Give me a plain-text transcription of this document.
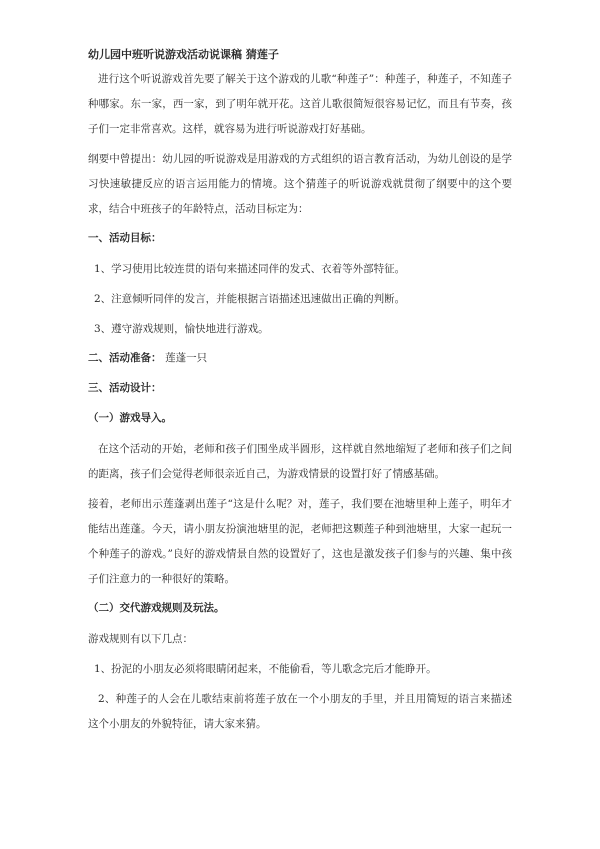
幼儿园中班听说游戏活动说课稿 猜莲子

进行这个听说游戏首先要了解关于这个游戏的儿歌“种莲子”：种莲子，种莲子，不知莲子种哪家。东一家，西一家，到了明年就开花。这首儿歌很简短很容易记忆，而且有节奏，孩子们一定非常喜欢。这样，就容易为进行听说游戏打好基础。

纲要中曾提出：幼儿园的听说游戏是用游戏的方式组织的语言教育活动，为幼儿创设的是学习快速敏捷反应的语言运用能力的情境。这个猜莲子的听说游戏就贯彻了纲要中的这个要求，结合中班孩子的年龄特点，活动目标定为：

一、活动目标：

1、学习使用比较连贯的语句来描述同伴的发式、衣着等外部特征。

2、注意倾听同伴的发言，并能根据言语描述迅速做出正确的判断。

3、遵守游戏规则，愉快地进行游戏。

二、活动准备： 莲蓬一只

三、活动设计：

（一）游戏导入。

在这个活动的开始，老师和孩子们围坐成半圆形，这样就自然地缩短了老师和孩子们之间的距离，孩子们会觉得老师很亲近自己，为游戏情景的设置打好了情感基础。

接着，老师出示莲蓬剥出莲子“这是什么呢？对，莲子，我们要在池塘里种上莲子，明年才能结出莲蓬。今天，请小朋友扮演池塘里的泥，老师把这颗莲子种到池塘里，大家一起玩一个种莲子的游戏。”良好的游戏情景自然的设置好了，这也是激发孩子们参与的兴趣、集中孩子们注意力的一种很好的策略。

（二）交代游戏规则及玩法。

游戏规则有以下几点：

1、扮泥的小朋友必须将眼睛闭起来，不能偷看，等儿歌念完后才能睁开。

2、种莲子的人会在儿歌结束前将莲子放在一个小朋友的手里，并且用简短的语言来描述这个小朋友的外貌特征，请大家来猜。
